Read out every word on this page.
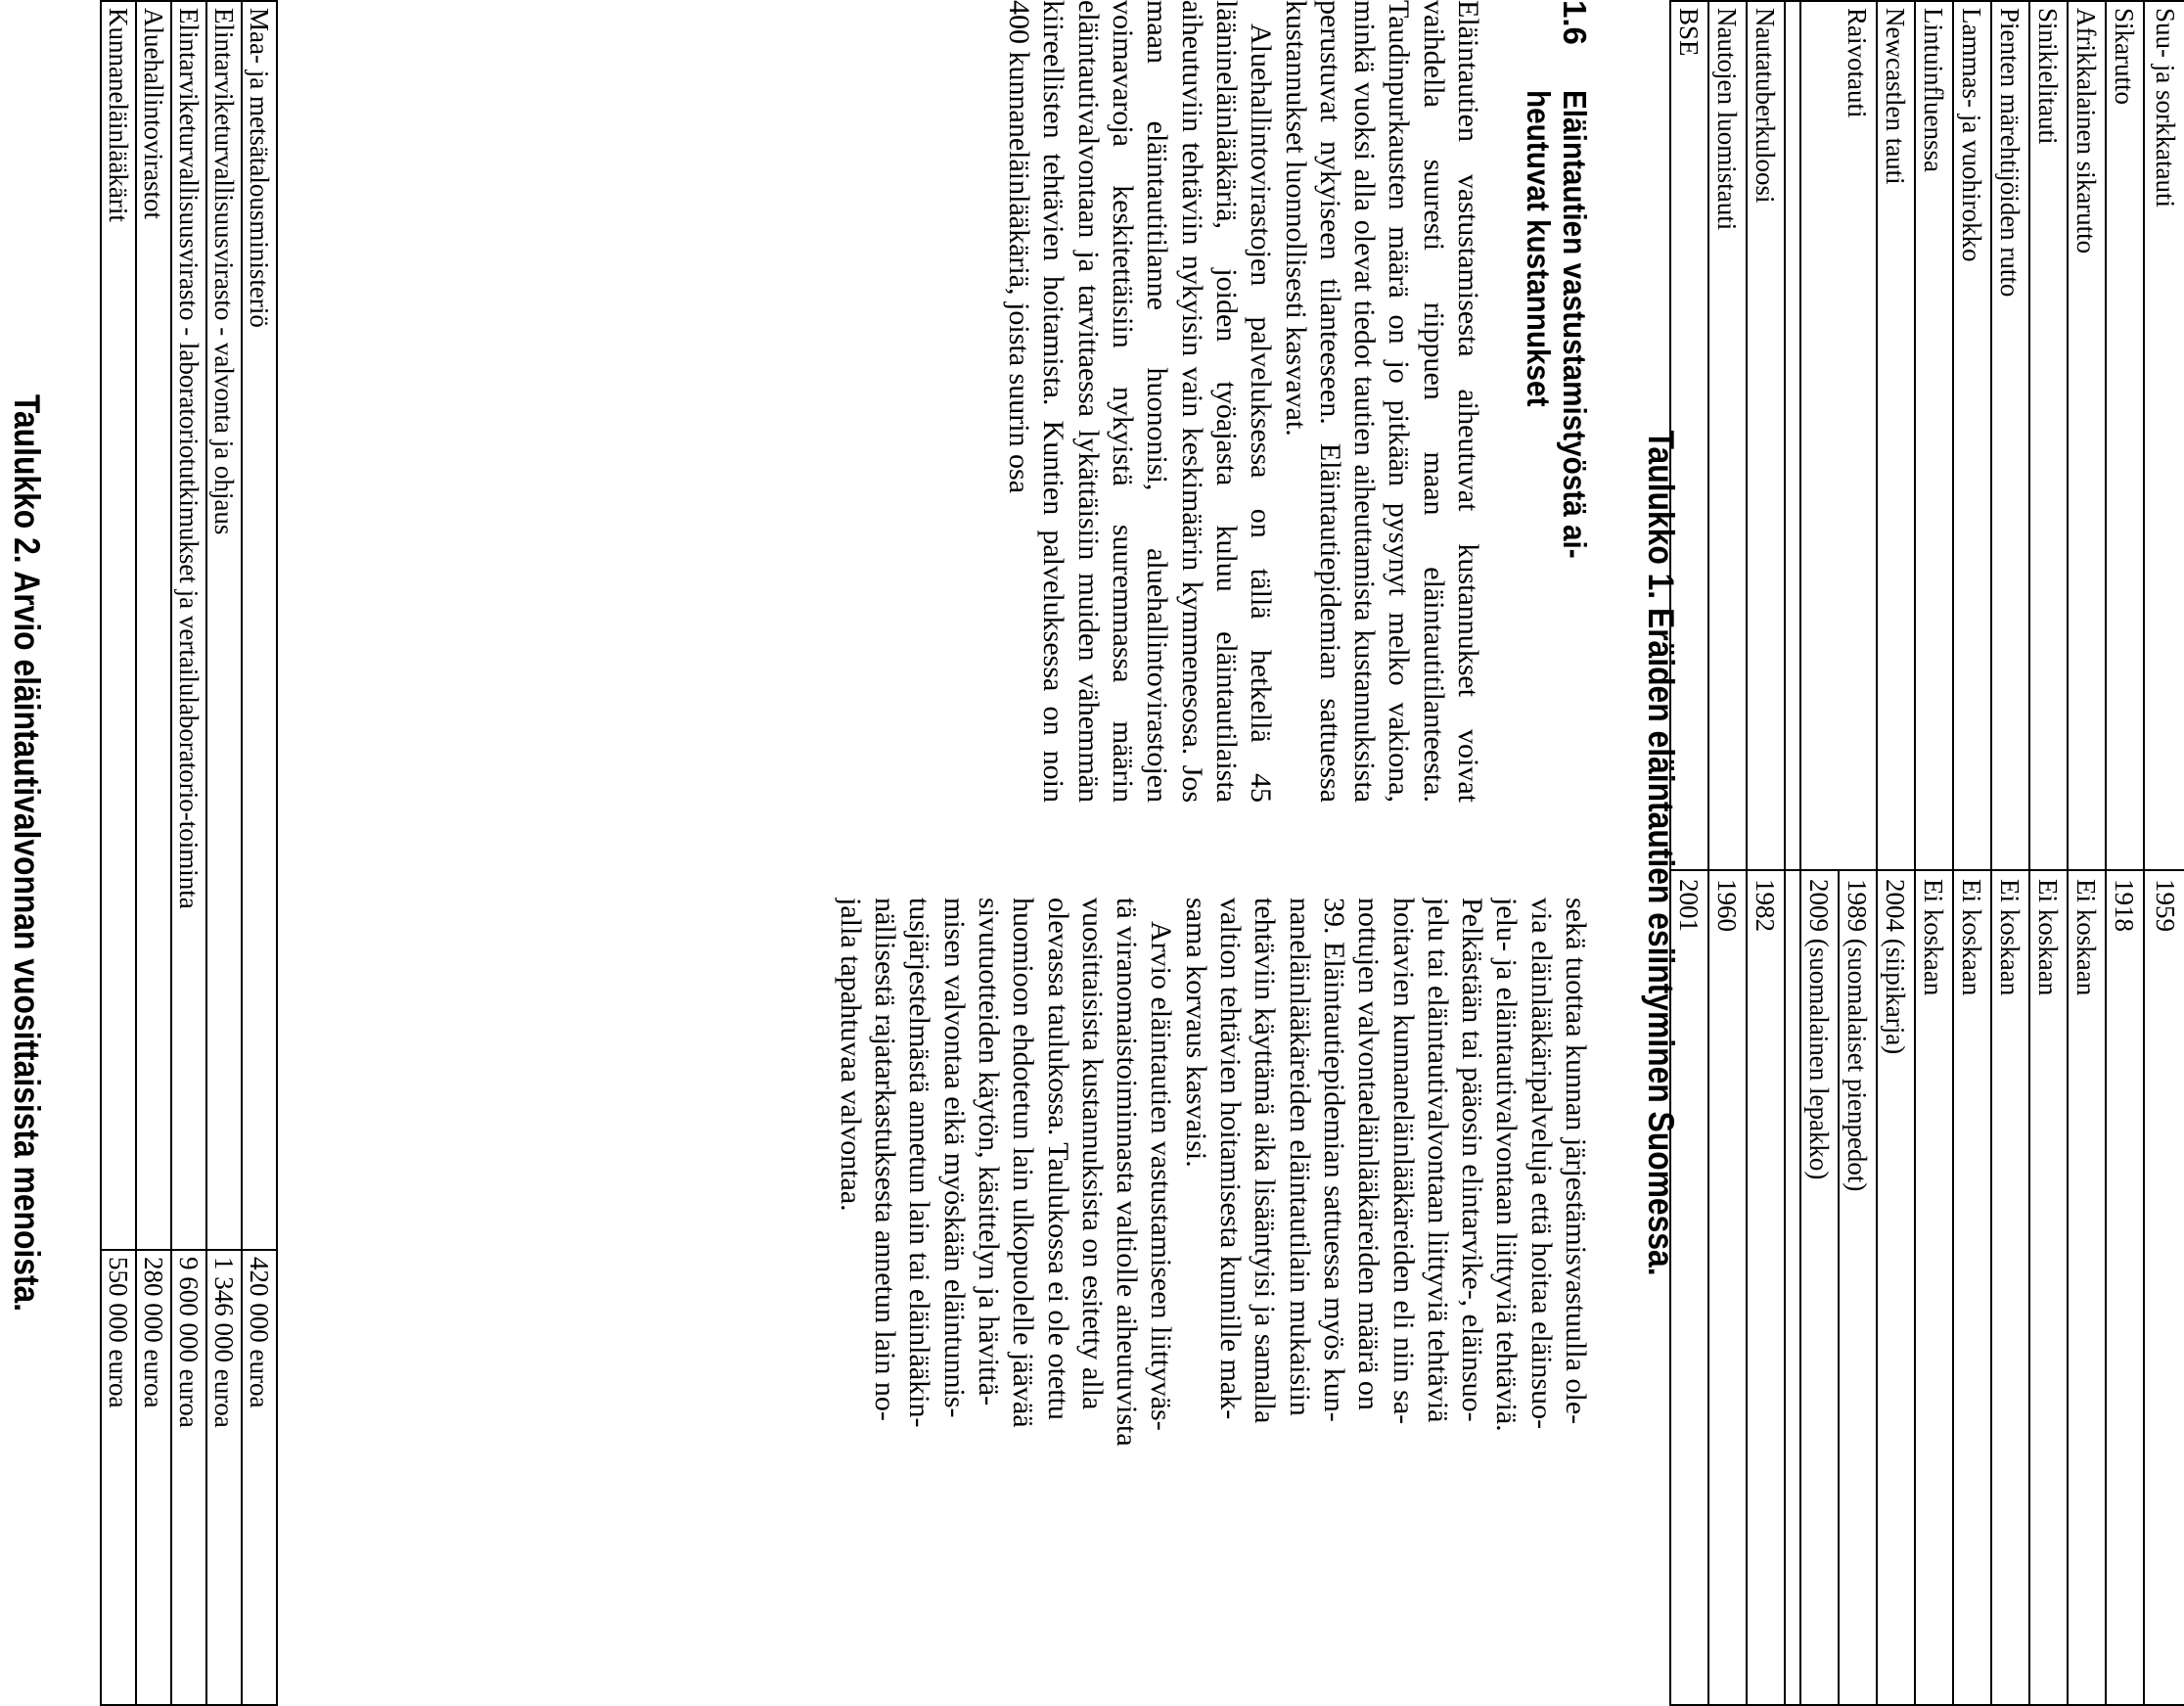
Suu- ja sorkkatauti
1959
Sikarutto
1918
Afrikkalainen sikarutto
Ei koskaan
Sinikielitauti
Ei koskaan
Pienten märehtijöiden rutto
Ei koskaan
Lammas- ja vuohirokko
Ei koskaan
Lintuinfluenssa
Ei koskaan
Newcastlen tauti
2004 (siipikarja)
Raivotauti
1989 (suomalaiset pienpedot)
2009 (suomalainen lepakko)
Nautatuberkuloosi
1982
Nautojen luomistauti
1960
BSE
2001
Taulukko 1. Eräiden eläintautien esiintyminen Suomessa.
1.6
Eläintautien vastustamistyöstä ai-
heutuvat kustannukset

Eläintautien vastustamisesta aiheutuvat kustannukset voivat vaihdella suuresti riippuen maan eläintautitilanteesta. Taudinpurkausten määrä on jo pitkään pysynyt melko vakiona, minkä vuoksi alla olevat tiedot tautien aiheuttamista kustannuksista perustuvat nykyiseen tilanteeseen. Eläintautiepidemian sattuessa kustannukset luonnollisesti kasvavat.

Aluehallintovirastojen palveluksessa on tällä hetkellä 45 läänineläinlääkäriä, joiden työajasta kuluu eläintautilaista aiheutuviin tehtäviin nykyisin vain keskimäärin kymmenesosa. Jos maan eläintautitilanne huononisi, aluehallintovirastojen voimavaroja keskitettäisiin nykyistä suuremmassa määrin eläintautivalvontaan ja tarvittaessa lykättäisiin muiden vähemmän kiireellisten tehtävien hoitamista. Kuntien palveluksessa on noin 400 kunnaneläinlääkäriä, joista suurin osa

sekä tuottaa kunnan järjestämisvastuulla ole-
via eläinlääkäripalveluja että hoitaa eläinsuo-
jelu- ja eläintautivalvontaan liittyviä tehtäviä.
Pelkästään tai pääosin elintarvike-, eläinsuo-
jelu tai eläintautivalvontaan liittyviä tehtäviä
hoitavien kunnaneläinlääkäreiden eli niin sa-
nottujen valvontaeläinlääkäreiden määrä on
39. Eläintautiepidemian sattuessa myös kun-
naneläinlääkäreiden eläintautilain mukaisiin
tehtäviin käyttämä aika lisääntyisi ja samalla
valtion tehtävien hoitamisesta kunnille mak-
sama korvaus kasvaisi.
Arvio eläintautien vastustamiseen liittyväs-
tä viranomaistoiminnasta valtiolle aiheutuvista
vuosittaisista kustannuksista on esitetty alla
olevassa taulukossa. Taulukossa ei ole otettu
huomioon ehdotetun lain ulkopuolelle jäävää
sivutuotteiden käytön, käsittelyn ja hävittä-
misen valvontaa eikä myöskään eläintunnis-
tusjärjestelmästä annetun lain tai eläinlääkin-
nällisestä rajatarkastuksesta annetun lain no-
jalla tapahtuvaa valvontaa.
Maa- ja metsätalousministeriö
420 000 euroa
Elintarviketurvallisuusvirasto - valvonta ja ohjaus
1 346 000 euroa
Elintarviketurvallisuusvirasto - laboratoriotutkimukset ja vertailulaboratorio-toiminta
9 600 000 euroa
Aluehallintovirastot
280 000 euroa
Kunnaneläinlääkärit
550 000 euroa
Taulukko 2. Arvio eläintautivalvonnan vuosittaisista menoista.
